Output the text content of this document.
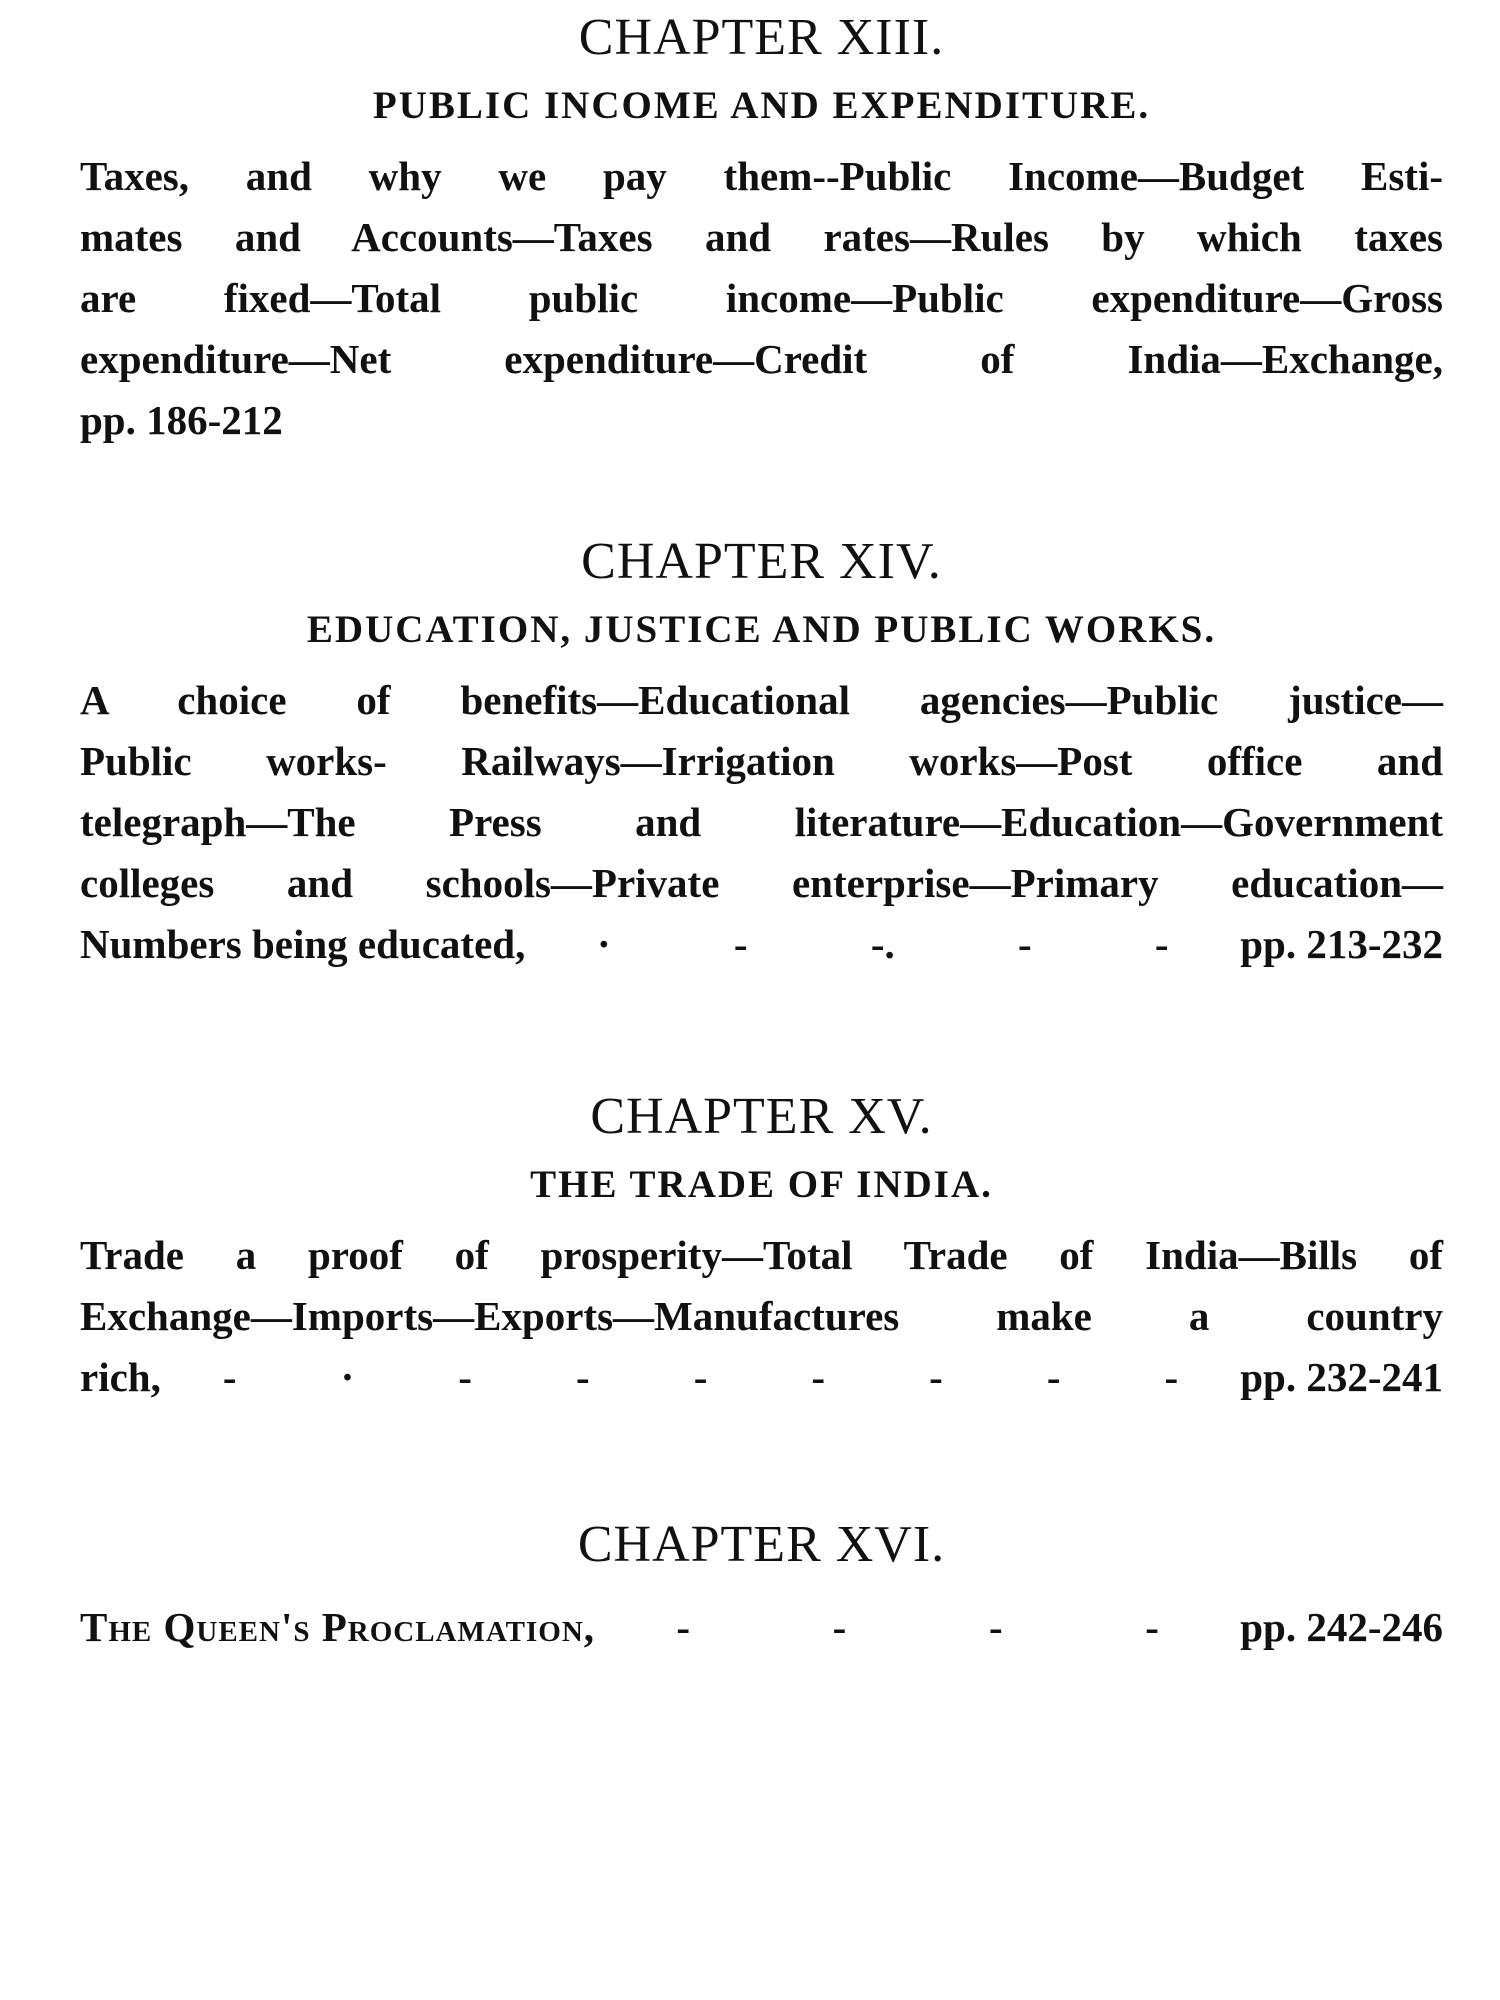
CHAPTER XIII.
PUBLIC INCOME AND EXPENDITURE.
Taxes, and why we pay them--Public Income—Budget Esti-
mates and Accounts—Taxes and rates—Rules by which taxes
are fixed—Total public income—Public expenditure—Gross
expenditure—Net expenditure—Credit of India—Exchange,
pp. 186-212
CHAPTER XIV.
EDUCATION, JUSTICE AND PUBLIC WORKS.
A choice of benefits—Educational agencies—Public justice—
Public works- Railways—Irrigation works—Post office and
telegraph—The Press and literature—Education—Government
colleges and schools—Private enterprise—Primary education—
Numbers being educated, ·	-	-.	-	- pp. 213-232
CHAPTER XV.
THE TRADE OF INDIA.
Trade a proof of prosperity—Total Trade of India—Bills of
Exchange—Imports—Exports—Manufactures make a country
rich, -	·	-	-	-	-	-	-	- pp. 232-241
CHAPTER XVI.
The Queen's Proclamation, -	-	-	- pp. 242-246
